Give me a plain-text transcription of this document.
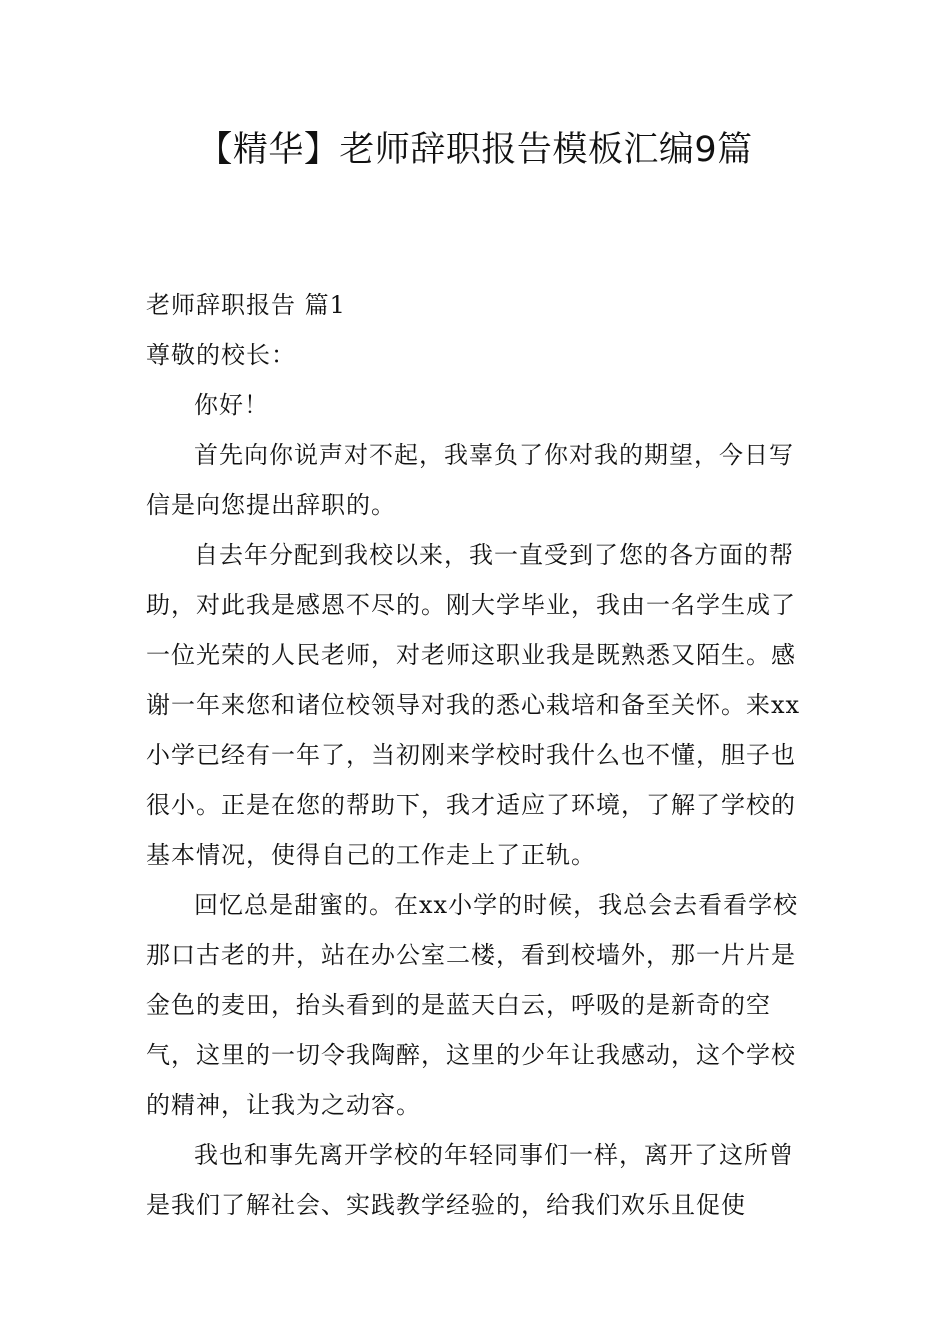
【精华】老师辞职报告模板汇编9篇

老师辞职报告 篇1

尊敬的校长：

你好！

首先向你说声对不起，我辜负了你对我的期望，今日写信是向您提出辞职的。

自去年分配到我校以来，我一直受到了您的各方面的帮助，对此我是感恩不尽的。刚大学毕业，我由一名学生成了一位光荣的人民老师，对老师这职业我是既熟悉又陌生。感谢一年来您和诸位校领导对我的悉心栽培和备至关怀。来xx小学已经有一年了，当初刚来学校时我什么也不懂，胆子也很小。正是在您的帮助下，我才适应了环境，了解了学校的基本情况，使得自己的工作走上了正轨。

回忆总是甜蜜的。在xx小学的时候，我总会去看看学校那口古老的井，站在办公室二楼，看到校墙外，那一片片是金色的麦田，抬头看到的是蓝天白云，呼吸的是新奇的空气，这里的一切令我陶醉，这里的少年让我感动，这个学校的精神，让我为之动容。

我也和事先离开学校的年轻同事们一样，离开了这所曾是我们了解社会、实践教学经验的，给我们欢乐且促使
